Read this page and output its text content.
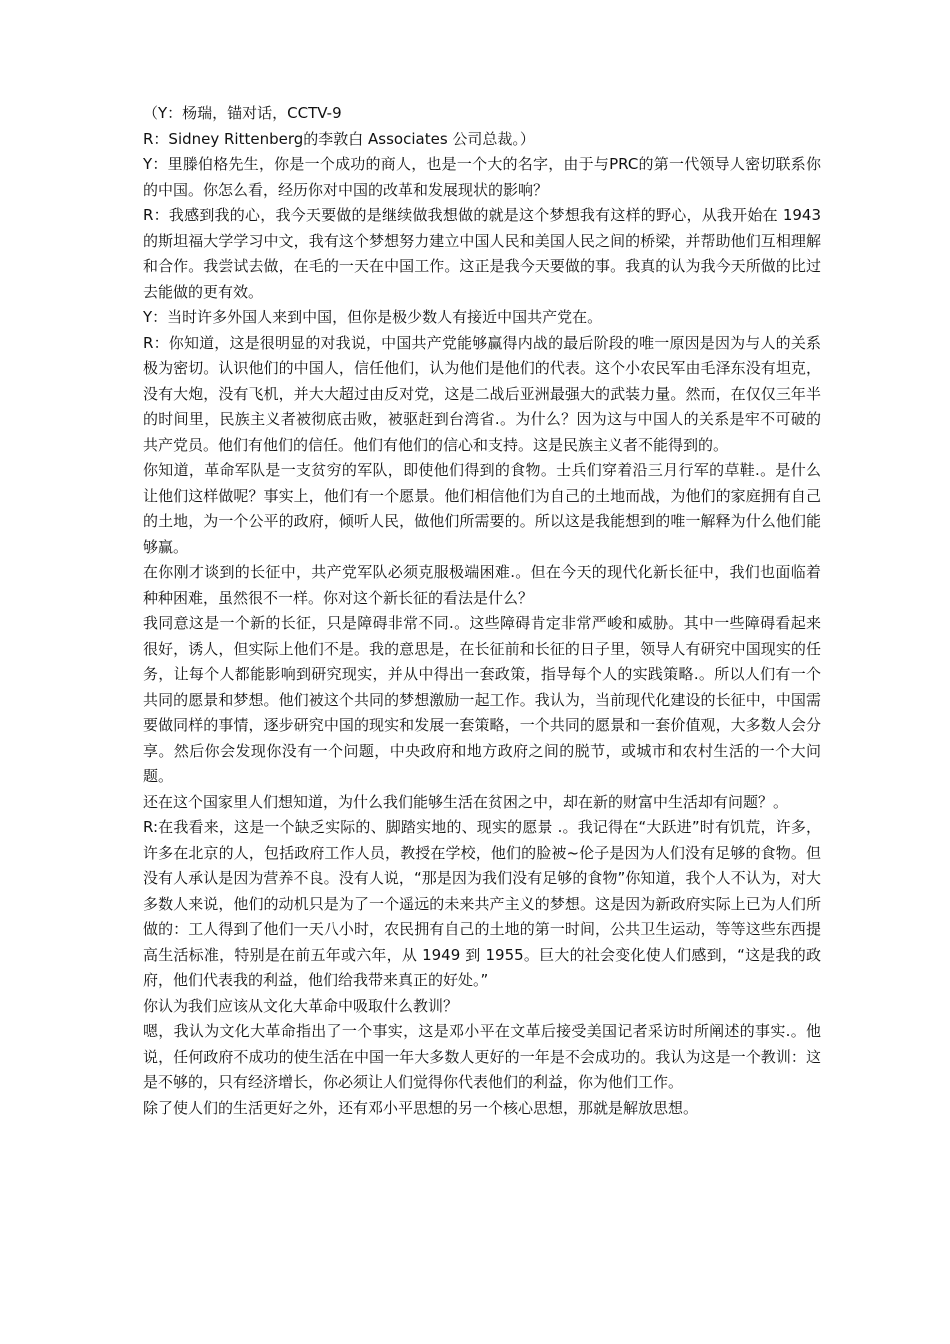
（Y：杨瑞，锚对话，CCTV-9

R：Sidney Rittenberg的李敦白 Associates 公司总裁。）

Y：里滕伯格先生，你是一个成功的商人，也是一个大的名字，由于与PRC的第一代领导人密切联系你的中国。你怎么看，经历你对中国的改革和发展现状的影响？

R：我感到我的心，我今天要做的是继续做我想做的就是这个梦想我有这样的野心，从我开始在 1943 的斯坦福大学学习中文，我有这个梦想努力建立中国人民和美国人民之间的桥梁，并帮助他们互相理解和合作。我尝试去做，在毛的一天在中国工作。这正是我今天要做的事。我真的认为我今天所做的比过去能做的更有效。

Y：当时许多外国人来到中国，但你是极少数人有接近中国共产党在。

R：你知道，这是很明显的对我说，中国共产党能够赢得内战的最后阶段的唯一原因是因为与人的关系极为密切。认识他们的中国人，信任他们，认为他们是他们的代表。这个小农民军由毛泽东没有坦克，没有大炮，没有飞机，并大大超过由反对党，这是二战后亚洲最强大的武装力量。然而，在仅仅三年半的时间里，民族主义者被彻底击败，被驱赶到台湾省.。为什么？因为这与中国人的关系是牢不可破的共产党员。他们有他们的信任。他们有他们的信心和支持。这是民族主义者不能得到的。

你知道，革命军队是一支贫穷的军队，即使他们得到的食物。士兵们穿着沿三月行军的草鞋.。是什么让他们这样做呢？事实上，他们有一个愿景。他们相信他们为自己的土地而战，为他们的家庭拥有自己的土地，为一个公平的政府，倾听人民，做他们所需要的。所以这是我能想到的唯一解释为什么他们能够赢。

在你刚才谈到的长征中，共产党军队必须克服极端困难.。但在今天的现代化新长征中，我们也面临着种种困难，虽然很不一样。你对这个新长征的看法是什么？

我同意这是一个新的长征，只是障碍非常不同.。这些障碍肯定非常严峻和威胁。其中一些障碍看起来很好，诱人，但实际上他们不是。我的意思是，在长征前和长征的日子里，领导人有研究中国现实的任务，让每个人都能影响到研究现实，并从中得出一套政策，指导每个人的实践策略.。所以人们有一个共同的愿景和梦想。他们被这个共同的梦想激励一起工作。我认为，当前现代化建设的长征中，中国需要做同样的事情，逐步研究中国的现实和发展一套策略，一个共同的愿景和一套价值观，大多数人会分享。然后你会发现你没有一个问题，中央政府和地方政府之间的脱节，或城市和农村生活的一个大问题。

还在这个国家里人们想知道，为什么我们能够生活在贫困之中，却在新的财富中生活却有问题？。

R:在我看来，这是一个缺乏实际的、脚踏实地的、现实的愿景 .。我记得在“大跃进”时有饥荒，许多，许多在北京的人，包括政府工作人员，教授在学校，他们的脸被~伦子是因为人们没有足够的食物。但没有人承认是因为营养不良。没有人说，“那是因为我们没有足够的食物”你知道，我个人不认为，对大多数人来说，他们的动机只是为了一个遥远的未来共产主义的梦想。这是因为新政府实际上已为人们所做的：工人得到了他们一天八小时，农民拥有自己的土地的第一时间，公共卫生运动，等等这些东西提高生活标准，特别是在前五年或六年，从 1949 到 1955。巨大的社会变化使人们感到，“这是我的政府，他们代表我的利益，他们给我带来真正的好处。”

你认为我们应该从文化大革命中吸取什么教训？

嗯，我认为文化大革命指出了一个事实，这是邓小平在文革后接受美国记者采访时所阐述的事实.。他说，任何政府不成功的使生活在中国一年大多数人更好的一年是不会成功的。我认为这是一个教训：这是不够的，只有经济增长，你必须让人们觉得你代表他们的利益，你为他们工作。

除了使人们的生活更好之外，还有邓小平思想的另一个核心思想，那就是解放思想。
